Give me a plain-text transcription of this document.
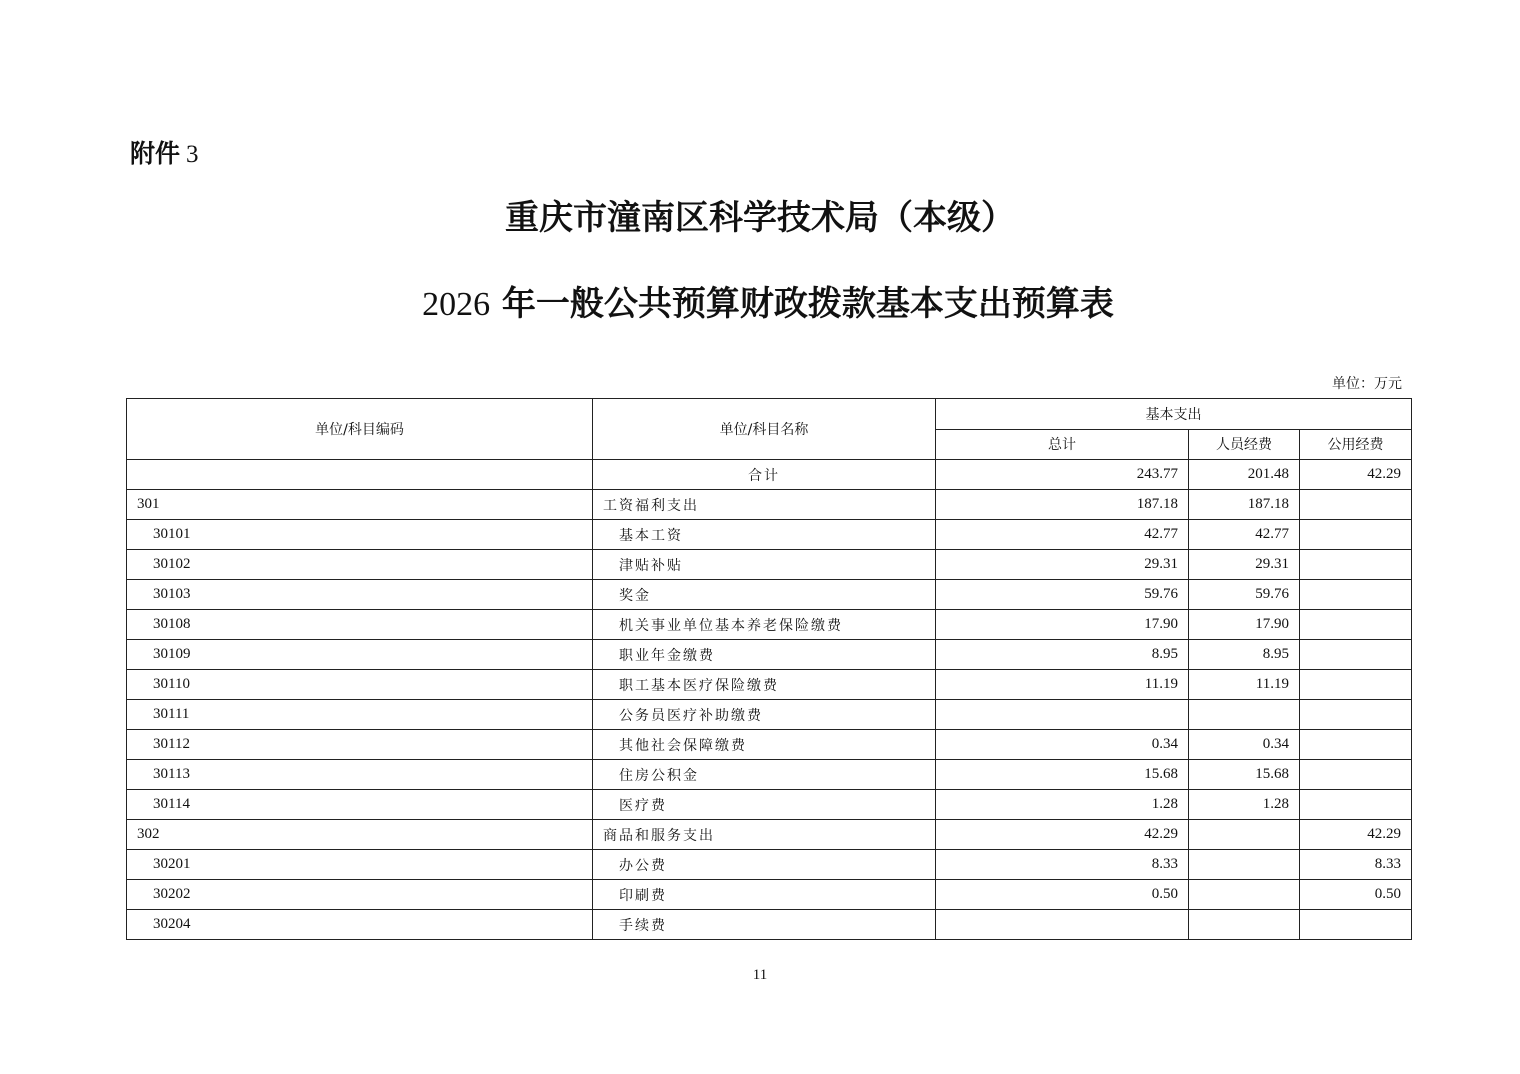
附件 3
重庆市潼南区科学技术局（本级）
2026 年一般公共预算财政拨款基本支出预算表
单位：万元
单位/科目编码	单位/科目名称	基本支出		
		总计	人员经费	公用经费
	合计	243.77	201.48	42.29
301	工资福利支出	187.18	187.18	
30101	基本工资	42.77	42.77	
30102	津贴补贴	29.31	29.31	
30103	奖金	59.76	59.76	
30108	机关事业单位基本养老保险缴费	17.90	17.90	
30109	职业年金缴费	8.95	8.95	
30110	职工基本医疗保险缴费	11.19	11.19	
30111	公务员医疗补助缴费			
30112	其他社会保障缴费	0.34	0.34	
30113	住房公积金	15.68	15.68	
30114	医疗费	1.28	1.28	
302	商品和服务支出	42.29		42.29
30201	办公费	8.33		8.33
30202	印刷费	0.50		0.50
30204	手续费			
11
